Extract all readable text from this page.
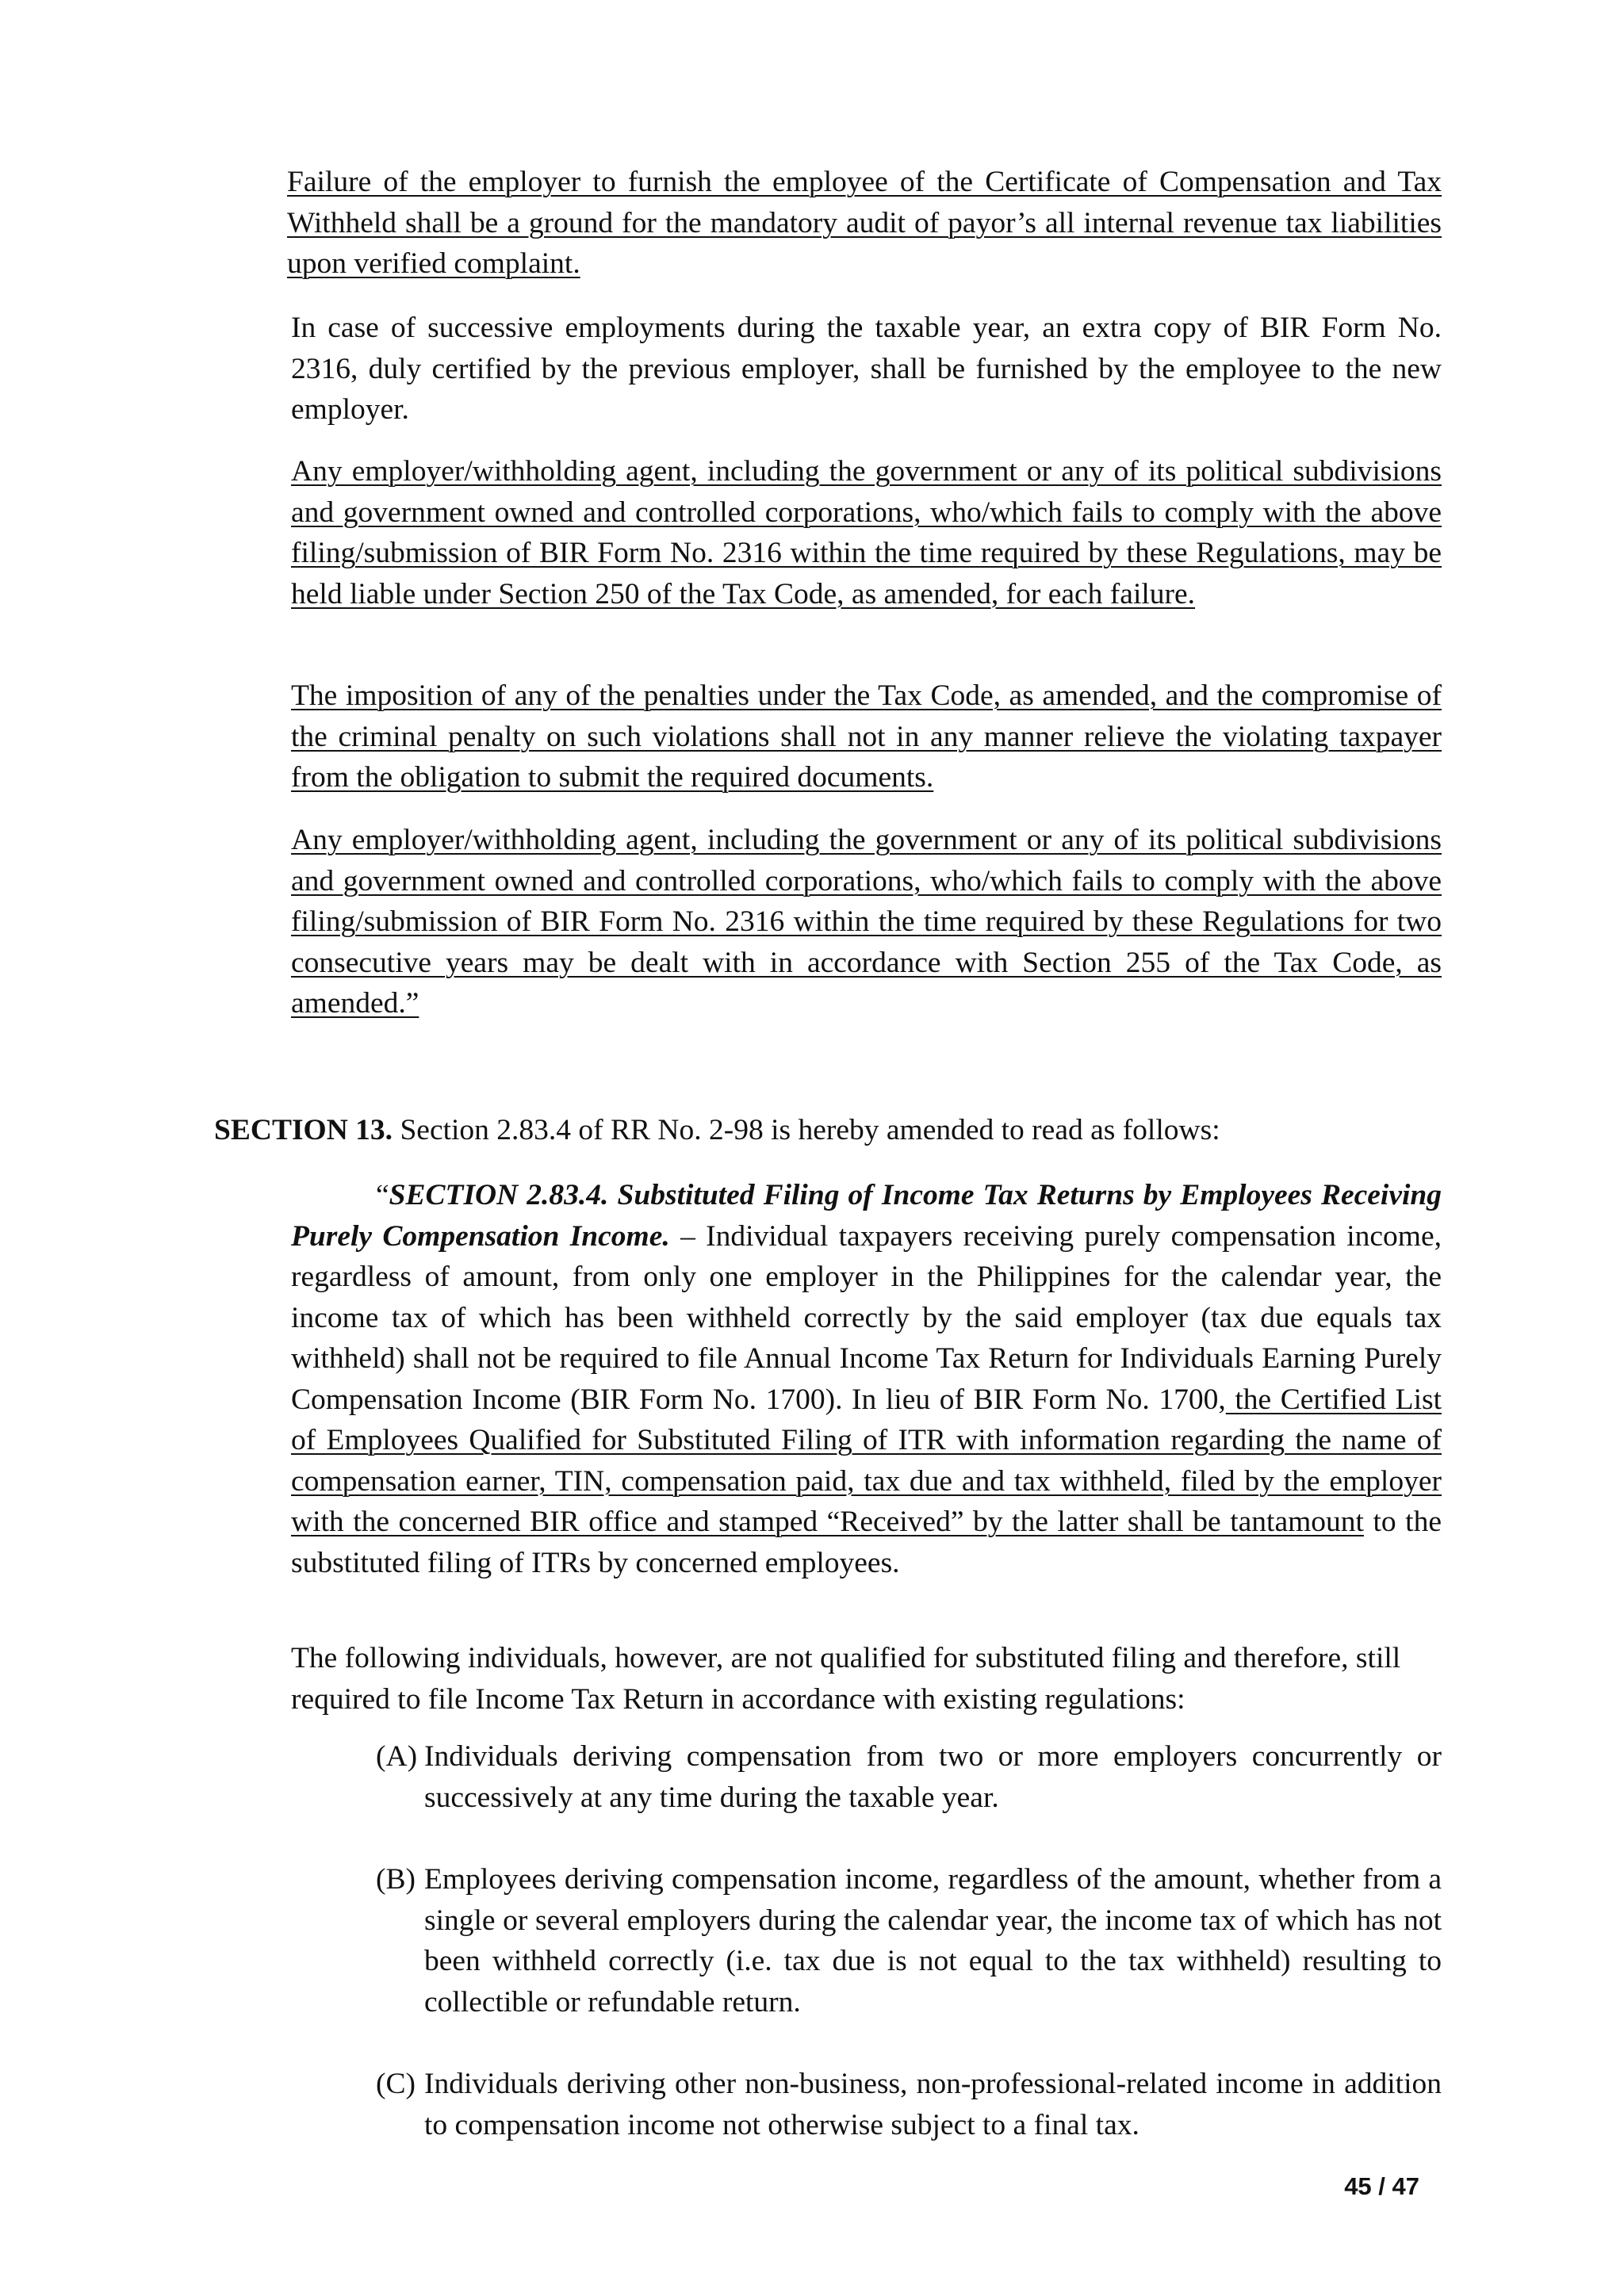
Failure of the employer to furnish the employee of the Certificate of Compensation and Tax Withheld shall be a ground for the mandatory audit of payor’s all internal revenue tax liabilities upon verified complaint.
In case of successive employments during the taxable year, an extra copy of BIR Form No. 2316, duly certified by the previous employer, shall be furnished by the employee to the new employer.
Any employer/withholding agent, including the government or any of its political subdivisions and government owned and controlled corporations, who/which fails to comply with the above filing/submission of BIR Form No. 2316 within the time required by these Regulations, may be held liable under Section 250 of the Tax Code, as amended, for each failure.
The imposition of any of the penalties under the Tax Code, as amended, and the compromise of the criminal penalty on such violations shall not in any manner relieve the violating taxpayer from the obligation to submit the required documents.
Any employer/withholding agent, including the government or any of its political subdivisions and government owned and controlled corporations, who/which fails to comply with the above filing/submission of BIR Form No. 2316 within the time required by these Regulations for two consecutive years may be dealt with in accordance with Section 255 of the Tax Code, as amended.”
SECTION 13. Section 2.83.4 of RR No. 2-98 is hereby amended to read as follows:
“SECTION 2.83.4. Substituted Filing of Income Tax Returns by Employees Receiving Purely Compensation Income. – Individual taxpayers receiving purely compensation income, regardless of amount, from only one employer in the Philippines for the calendar year, the income tax of which has been withheld correctly by the said employer (tax due equals tax withheld) shall not be required to file Annual Income Tax Return for Individuals Earning Purely Compensation Income (BIR Form No. 1700). In lieu of BIR Form No. 1700, the Certified List of Employees Qualified for Substituted Filing of ITR with information regarding the name of compensation earner, TIN, compensation paid, tax due and tax withheld, filed by the employer with the concerned BIR office and stamped “Received” by the latter shall be tantamount to the substituted filing of ITRs by concerned employees.
The following individuals, however, are not qualified for substituted filing and therefore, still required to file Income Tax Return in accordance with existing regulations:
(A) Individuals deriving compensation from two or more employers concurrently or successively at any time during the taxable year.
(B) Employees deriving compensation income, regardless of the amount, whether from a single or several employers during the calendar year, the income tax of which has not been withheld correctly (i.e. tax due is not equal to the tax withheld) resulting to collectible or refundable return.
(C) Individuals deriving other non-business, non-professional-related income in addition to compensation income not otherwise subject to a final tax.
45 / 47
